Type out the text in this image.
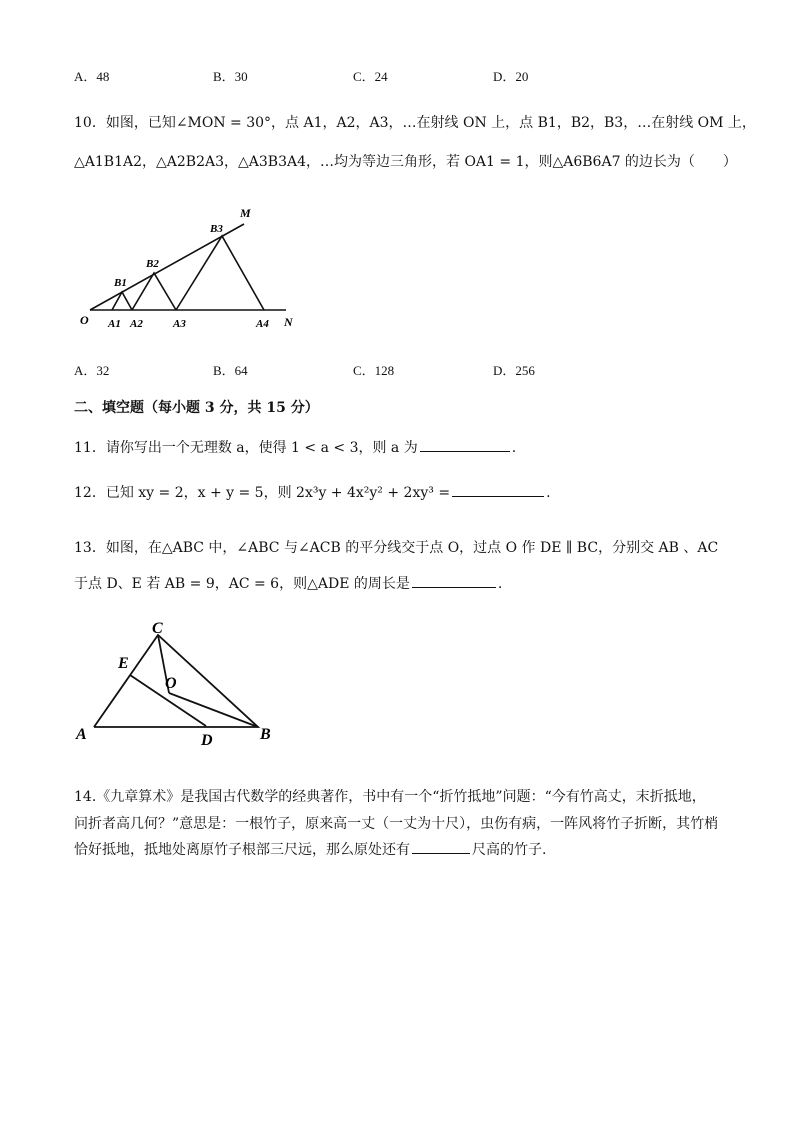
A．48	B．30	C．24	D．20
10．如图，已知∠MON = 30°，点 A1，A2，A3，…在射线 ON 上，点 B1，B2，B3，…在射线 OM 上，
△A1B1A2，△A2B2A3，△A3B3A4，…均为等边三角形，若 OA1 = 1，则△A6B6A7 的边长为（　　）
M
N
O A1 A2	A3	A4
B1
B2
B3
A．32	B．64	C．128	D．256
二、填空题（每小题 3 分，共 15 分）
11．请你写出一个无理数 a，使得 1 < a < 3，则 a 为	.
12．已知 xy = 2，x + y = 5，则 2x³y + 4x²y² + 2xy³ =	.
13．如图，在△ABC 中，∠ABC 与∠ACB 的平分线交于点 O，过点 O 作 DE ∥ BC，分别交 AB 、AC
于点 D、E 若 AB = 9，AC = 6，则△ADE 的周长是	.
C
E
O
A	D	B
14.《九章算术》是我国古代数学的经典著作，书中有一个“折竹抵地”问题：“今有竹高丈，末折抵地，
问折者高几何？”意思是：一根竹子，原来高一丈（一丈为十尺），虫伤有病，一阵风将竹子折断，其竹梢
恰好抵地，抵地处离原竹子根部三尺远，那么原处还有	尺高的竹子.
